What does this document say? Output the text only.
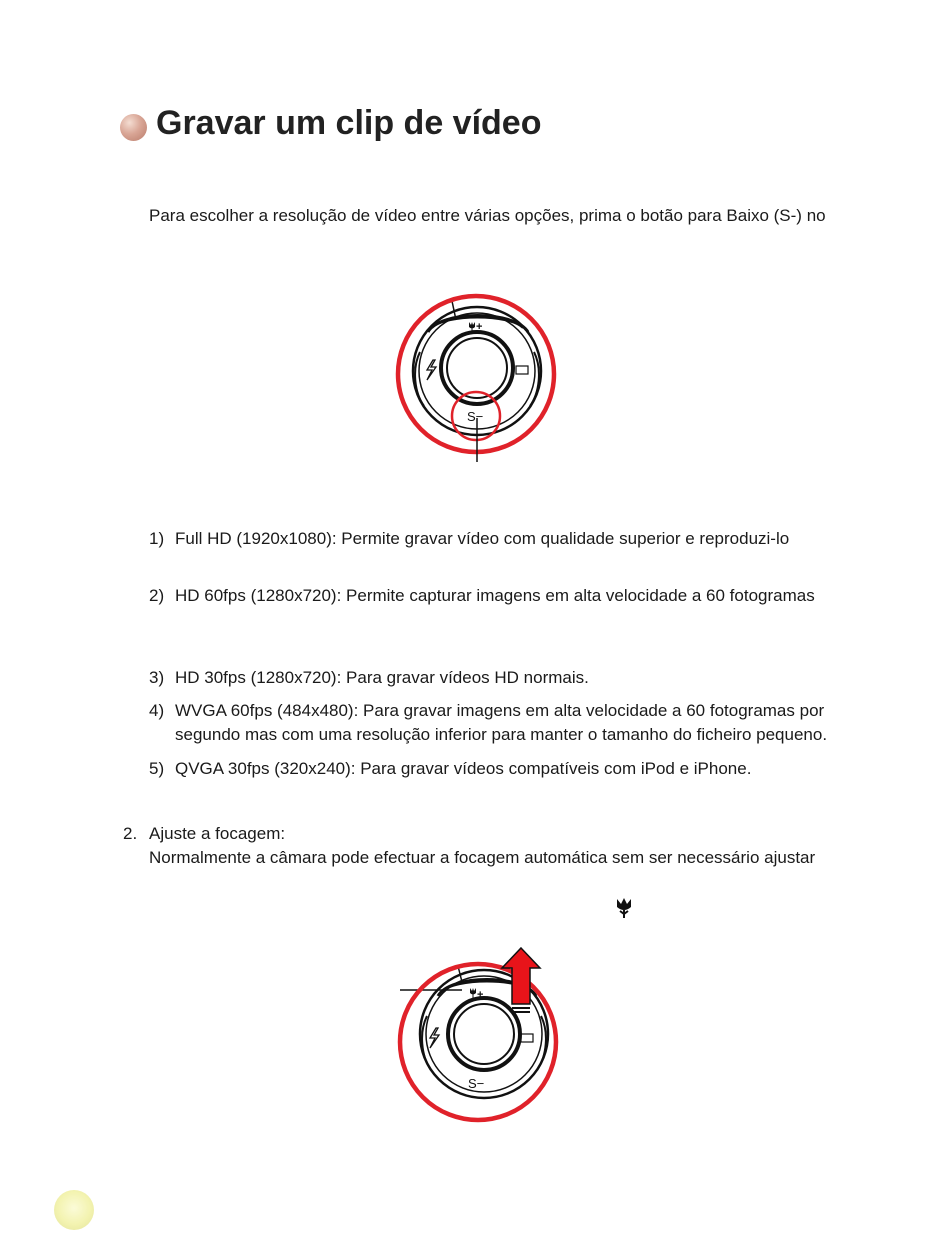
Gravar um clip de vídeo
Para escolher a resolução de vídeo entre várias opções, prima o botão para Baixo (S-) no
+
S−
1) Full HD (1920x1080): Permite gravar vídeo com qualidade superior e reproduzi-lo
2) HD 60fps (1280x720): Permite capturar imagens em alta velocidade a 60 fotogramas
3) HD 30fps (1280x720): Para gravar vídeos HD normais.
4) WVGA 60fps (484x480): Para gravar imagens em alta velocidade a 60 fotogramas por
segundo mas com uma resolução inferior para manter o tamanho do ficheiro pequeno.
5) QVGA 30fps (320x240): Para gravar vídeos compatíveis com iPod e iPhone.
2. Ajuste a focagem:
Normalmente a câmara pode efectuar a focagem automática sem ser necessário ajustar
+
S−
